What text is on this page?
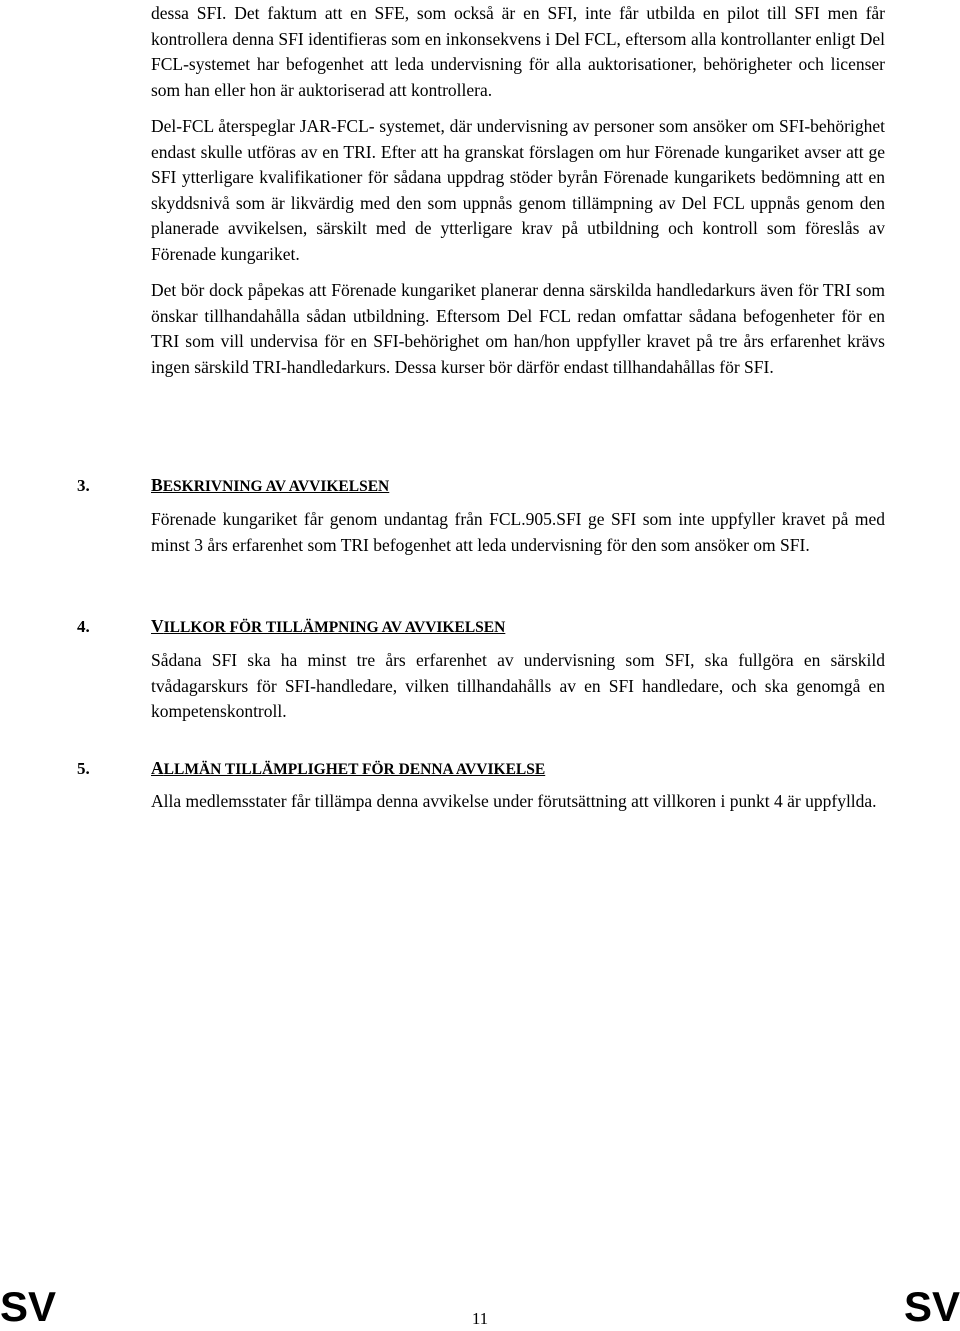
dessa SFI. Det faktum att en SFE, som också är en SFI, inte får utbilda en pilot till SFI men får kontrollera denna SFI identifieras som en inkonsekvens i Del FCL, eftersom alla kontrollanter enligt Del FCL-systemet har befogenhet att leda undervisning för alla auktorisationer, behörigheter och licenser som han eller hon är auktoriserad att kontrollera.

Del-FCL återspeglar JAR-FCL- systemet, där undervisning av personer som ansöker om SFI-behörighet endast skulle utföras av en TRI. Efter att ha granskat förslagen om hur Förenade kungariket avser att ge SFI ytterligare kvalifikationer för sådana uppdrag stöder byrån Förenade kungarikets bedömning att en skyddsnivå som är likvärdig med den som uppnås genom tillämpning av Del FCL uppnås genom den planerade avvikelsen, särskilt med de ytterligare krav på utbildning och kontroll som föreslås av Förenade kungariket.

Det bör dock påpekas att Förenade kungariket planerar denna särskilda handledarkurs även för TRI som önskar tillhandahålla sådan utbildning. Eftersom Del FCL redan omfattar sådana befogenheter för en TRI som vill undervisa för en SFI-behörighet om han/hon uppfyller kravet på tre års erfarenhet krävs ingen särskild TRI-handledarkurs. Dessa kurser bör därför endast tillhandahållas för SFI.

3.	BESKRIVNING AV AVVIKELSEN

Förenade kungariket får genom undantag från FCL.905.SFI ge SFI som inte uppfyller kravet på med minst 3 års erfarenhet som TRI befogenhet att leda undervisning för den som ansöker om SFI.

4.	VILLKOR FÖR TILLÄMPNING AV AVVIKELSEN

Sådana SFI ska ha minst tre års erfarenhet av undervisning som SFI, ska fullgöra en särskild tvådagarskurs för SFI-handledare, vilken tillhandahålls av en SFI handledare, och ska genomgå en kompetenskontroll.

5.	ALLMÄN TILLÄMPLIGHET FÖR DENNA AVVIKELSE

Alla medlemsstater får tillämpa denna avvikelse under förutsättning att villkoren i punkt 4 är uppfyllda.

SV	11	SV
